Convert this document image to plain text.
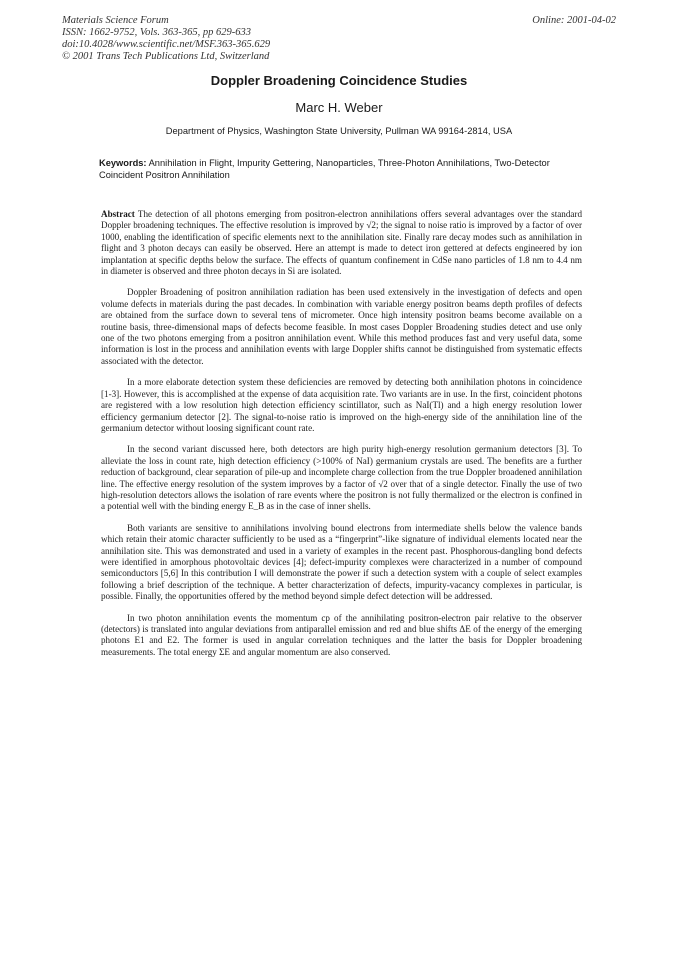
Materials Science Forum
ISSN: 1662-9752, Vols. 363-365, pp 629-633
doi:10.4028/www.scientific.net/MSF.363-365.629
© 2001 Trans Tech Publications Ltd, Switzerland
Online: 2001-04-02
Doppler Broadening Coincidence Studies
Marc H. Weber
Department of Physics, Washington State University, Pullman WA 99164-2814, USA
Keywords: Annihilation in Flight, Impurity Gettering, Nanoparticles, Three-Photon Annihilations, Two-Detector Coincident Positron Annihilation

Abstract The detection of all photons emerging from positron-electron annihilations offers several advantages over the standard Doppler broadening techniques. The effective resolution is improved by √2; the signal to noise ratio is improved by a factor of over 1000, enabling the identification of specific elements next to the annihilation site. Finally rare decay modes such as annihilation in flight and 3 photon decays can easily be observed. Here an attempt is made to detect iron gettered at defects engineered by ion implantation at specific depths below the surface. The effects of quantum confinement in CdSe nano particles of 1.8 nm to 4.4 nm in diameter is observed and three photon decays in Si are isolated.

Doppler Broadening of positron annihilation radiation has been used extensively in the investigation of defects and open volume defects in materials during the past decades. In combination with variable energy positron beams depth profiles of defects are obtained from the surface down to several tens of micrometer. Once high intensity positron beams become available on a routine basis, three-dimensional maps of defects become feasible. In most cases Doppler Broadening studies detect and use only one of the two photons emerging from a positron annihilation event. While this method produces fast and very useful data, some information is lost in the process and annihilation events with large Doppler shifts cannot be distinguished from systematic effects associated with the detector.

In a more elaborate detection system these deficiencies are removed by detecting both annihilation photons in coincidence [1-3]. However, this is accomplished at the expense of data acquisition rate. Two variants are in use. In the first, coincident photons are registered with a low resolution high detection efficiency scintillator, such as NaI(Tl) and a high energy resolution lower efficiency germanium detector [2]. The signal-to-noise ratio is improved on the high-energy side of the annihilation line of the germanium detector without loosing significant count rate.

In the second variant discussed here, both detectors are high purity high-energy resolution germanium detectors [3]. To alleviate the loss in count rate, high detection efficiency (>100% of NaI) germanium crystals are used. The benefits are a further reduction of background, clear separation of pile-up and incomplete charge collection from the true Doppler broadened annihilation line. The effective energy resolution of the system improves by a factor of √2 over that of a single detector. Finally the use of two high-resolution detectors allows the isolation of rare events where the positron is not fully thermalized or the electron is confined in a potential well with the binding energy E_B as in the case of inner shells.

Both variants are sensitive to annihilations involving bound electrons from intermediate shells below the valence bands which retain their atomic character sufficiently to be used as a “fingerprint”-like signature of individual elements located near the annihilation site. This was demonstrated and used in a variety of examples in the recent past. Phosphorous-dangling bond defects were identified in amorphous photovoltaic devices [4]; defect-impurity complexes were characterized in a number of compound semiconductors [5,6] In this contribution I will demonstrate the power if such a detection system with a couple of select examples following a brief description of the technique. A better characterization of defects, impurity-vacancy complexes in particular, is possible. Finally, the opportunities offered by the method beyond simple defect detection will be addressed.

In two photon annihilation events the momentum cp of the annihilating positron-electron pair relative to the observer (detectors) is translated into angular deviations from antiparallel emission and red and blue shifts ΔE of the energy of the emerging photons E1 and E2. The former is used in angular correlation techniques and the latter the basis for Doppler broadening measurements. The total energy ΣE and angular momentum are also conserved.
